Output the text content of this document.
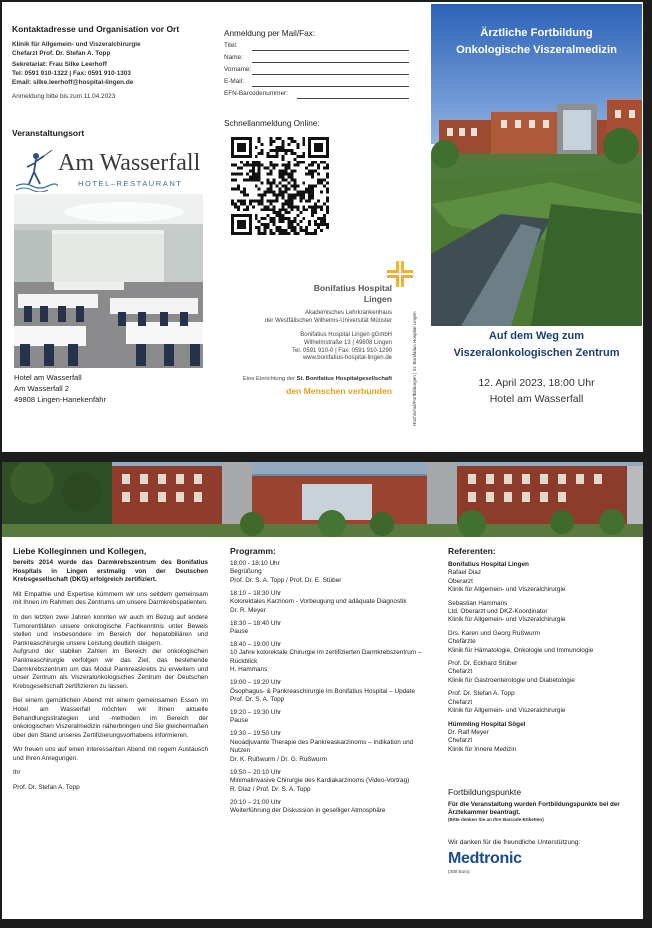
Kontaktadresse und Organisation vor Ort
Klinik für Allgemein- und Viszeralchirurgie
Chefarzt Prof. Dr. Stefan A. Topp
Sekretariat: Frau Silke Leerhoff
Tel: 0591 910-1322 | Fax: 0591 910-1303
Email: silke.leerhoff@hospital-lingen.de
Anmeldung bitte bis zum 11.04.2023
Veranstaltungsort
Am Wasserfall
HOTEL–RESTAURANT
Hotel am Wasserfall
Am Wasserfall 2
49808 Lingen-Hanekenfähr
Anmeldung per Mail/Fax:
Titel:
Name:
Vorname:
E-Mail:
EFN-Barcodenummer:
Schnellanmeldung Online:
Bonifatius Hospital
Lingen
Akademisches Lehrkrankenhaus
der Westfälischen Wilhelms-Universität Münster
Bonifatius Hospital Lingen gGmbH
Wilhelmstraße 13 | 49808 Lingen
Tel. 0591 910-0 | Fax: 0591 910-1290
www.bonifatius-hospital-lingen.de
Eine Einrichtung der St. Bonifatius Hospitalgesellschaft
den Menschen verbunden	Hochschul/Fortbildungen | St. Bonifatius Hospital Lingen
Ärztliche Fortbildung
Onkologische Viszeralmedizin
Auf dem Weg zum
Viszeralonkologischen Zentrum
12. April 2023, 18:00 Uhr
Hotel am Wasserfall
Liebe Kolleginnen und Kollegen,

bereits 2014 wurde das Darmkrebszentrum des Bonifatius Hospitals in Lingen erstmalig von der Deutschen Krebsgesellschaft (DKG) erfolgreich zertifiziert.

Mit Empathie und Expertise kümmern wir uns seitdem gemeinsam mit Ihnen im Rahmen des Zentrums um unsere Darmkrebspatienten.

In den letzten zwei Jahren konnten wir auch im Bezug auf andere Tumorentitäten unsere onkologische Fachkenntnis unter Beweis stellen und insbesondere im Bereich der hepatobiliären und Pankreaschirurgie unsere Leistung deutlich steigern.

Aufgrund der stabilen Zahlen im Bereich der onkologischen Pankreaschirurgie verfolgen wir das Ziel, das bestehende Darmkrebszentrum um das Modul Pankreaskrebs zu erweitern und unser Zentrum als Viszeralonkologisches Zentrum der Deutschen Krebsgesellschaft zertifizieren zu lassen.

Bei einem gemütlichen Abend mit einem gemeinsamen Essen im Hotel am Wasserfall möchten wir Ihnen aktuelle Behandlungsstrategien und -methoden im Bereich der onkologischen Viszeralmedizin näherbringen und Sie gleichermaßen über den Stand unseres Zertifizierungsvorhabens informieren.

Wir freuen uns auf einen interessanten Abend mit regem Austausch und Ihren Anregungen.

Ihr

Prof. Dr. Stefan A. Topp

Programm:
18:00 - 18:10 Uhr
Begrüßung
Prof. Dr. S. A. Topp / Prof. Dr. E. Stüber
18:10 – 18:30 Uhr
Kolorektales Karzinom - Vorbeugung und adäquate Diagnostik
Dr. R. Meyer
18:30 – 18:40 Uhr
Pause
18:40 – 19:00 Uhr
10 Jahre kolorektale Chirurgie im zertifizierten Darmkrebszentrum – Rückblick
H. Hammans
19:00 – 19:20 Uhr
Ösophagus- & Pankreaschirurgie im Bonifatius Hospital – Update
Prof. Dr. S. A. Topp
19:20 – 19:30 Uhr
Pause
19:30 – 19:50 Uhr
Neoadjuvante Therapie des Pankreaskarzinoms – Indikation und Nutzen
Dr. K. Rußwurm / Dr. G. Rußwurm
19:50 – 20:10 Uhr
Minimalinvasive Chirurgie des Kardiakarzinoms (Video-Vortrag)
R. Diaz / Prof. Dr. S. A. Topp
20:10 – 21:00 Uhr
Weiterführung der Diskussion in geselliger Atmosphäre
Referenten:
Bonifatius Hospital Lingen
Rafael Diaz
Oberarzt
Klinik für Allgemein- und Viszeralchirurgie
Sebastian Hammans
Ltd. Oberarzt und DKZ-Koordinator
Klinik für Allgemein- und Viszeralchirurgie
Drs. Karen und Georg Rußwurm
Chefärzte
Klinik für Hämatologie, Onkologie und Immunologie
Prof. Dr. Eckhard Stüber
Chefarzt
Klinik für Gastroenterologie und Diabetologie
Prof. Dr. Stefan A. Topp
Chefarzt
Klinik für Allgemein- und Viszeralchirurgie
Hümmling Hospital Sögel
Dr. Ralf Meyer
Chefarzt
Klinik für Innere Medizin
Fortbildungspunkte
Für die Veranstaltung wurden Fortbildungspunkte bei der Ärztekammer beantragt.
(Bitte denken Sie an Ihre Barcode-Etiketten)
Wir danken für die freundliche Unterstützung:
Medtronic
(300 Euro)
